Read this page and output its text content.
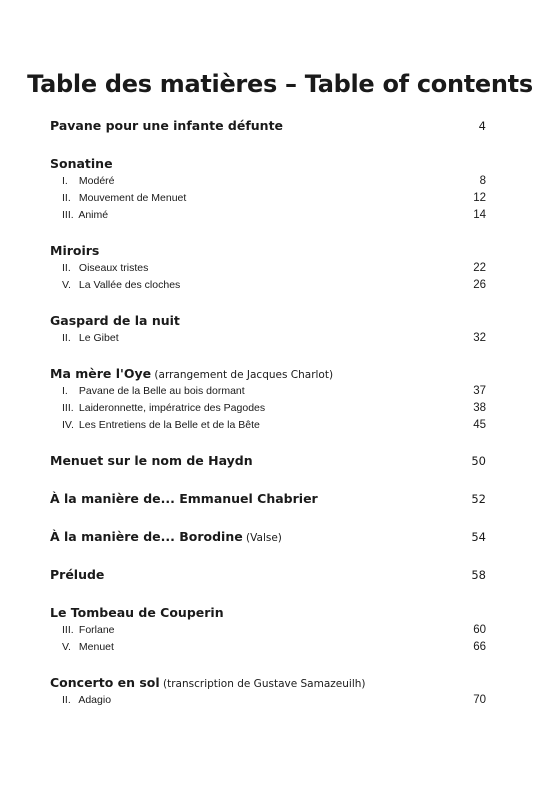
Table des matières – Table of contents
Pavane pour une infante défunte	4
Sonatine
I. Modéré	8
II. Mouvement de Menuet	12
III. Animé	14
Miroirs
II. Oiseaux tristes	22
V. La Vallée des cloches	26
Gaspard de la nuit
II. Le Gibet	32
Ma mère l'Oye (arrangement de Jacques Charlot)
I. Pavane de la Belle au bois dormant	37
III. Laideronnette, impératrice des Pagodes	38
IV. Les Entretiens de la Belle et de la Bête	45
Menuet sur le nom de Haydn	50
À la manière de... Emmanuel Chabrier	52
À la manière de... Borodine (Valse)	54
Prélude	58
Le Tombeau de Couperin
III. Forlane	60
V. Menuet	66
Concerto en sol (transcription de Gustave Samazeuilh)
II. Adagio	70
